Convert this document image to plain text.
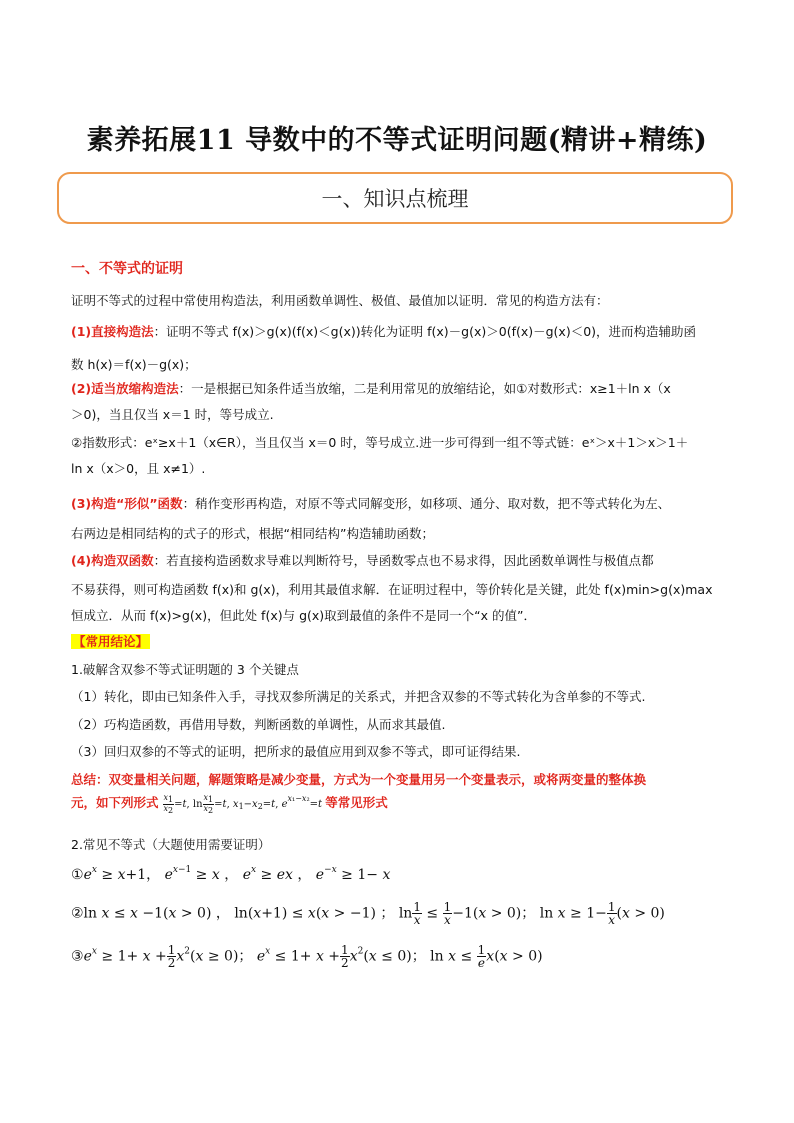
素养拓展11 导数中的不等式证明问题(精讲+精练)
一、知识点梳理
一、不等式的证明
证明不等式的过程中常使用构造法，利用函数单调性、极值、最值加以证明．常见的构造方法有：
(1)直接构造法：证明不等式 f(x)＞g(x)(f(x)＜g(x))转化为证明 f(x)－g(x)＞0(f(x)－g(x)＜0)，进而构造辅助函
数 h(x)＝f(x)－g(x)；
(2)适当放缩构造法：一是根据已知条件适当放缩，二是利用常见的放缩结论，如①对数形式：x≥1＋ln x（x
＞0)，当且仅当 x＝1 时，等号成立.
②指数形式：eˣ≥x＋1（x∈R），当且仅当 x＝0 时，等号成立.进一步可得到一组不等式链：eˣ＞x＋1＞x＞1＋
ln x（x＞0，且 x≠1）.
(3)构造“形似”函数：稍作变形再构造，对原不等式同解变形，如移项、通分、取对数，把不等式转化为左、
右两边是相同结构的式子的形式，根据“相同结构”构造辅助函数；
(4)构造双函数：若直接构造函数求导难以判断符号，导函数零点也不易求得，因此函数单调性与极值点都
不易获得，则可构造函数 f(x)和 g(x)，利用其最值求解．在证明过程中，等价转化是关键，此处 f(x)min>g(x)max
恒成立．从而 f(x)>g(x)，但此处 f(x)与 g(x)取到最值的条件不是同一个“x 的值”．
【常用结论】
1.破解含双参不等式证明题的 3 个关键点
（1）转化，即由已知条件入手，寻找双参所满足的关系式，并把含双参的不等式转化为含单参的不等式.
（2）巧构造函数，再借用导数，判断函数的单调性，从而求其最值.
（3）回归双参的不等式的证明，把所求的最值应用到双参不等式，即可证得结果.
总结：双变量相关问题，解题策略是减少变量，方式为一个变量用另一个变量表示，或将两变量的整体换
元，如下列形式 $\frac{x1}{x2} =t$, $\ln \frac{x1}{x2} =t$, $x_1-x_2=t$, $e^{x_1-x_2}=t$ 等常见形式
2.常见不等式（大题使用需要证明）
$①e^x \ge x+1$， $e^{x-1} \ge x$ ， $e^x$ ≥ ex ， $e^{-x} \ge 1- x$
②ln x ≤ x −1(x > 0) ， ln(x+1) ≤ x(x > −1) ； $\ln \frac{1}{x} \le \frac{1}{x} -1(x > 0)$； $\ln x \ge 1- \frac{1}{x} (x > 0)$
$③e^x \ge 1+ x + \frac{1}{2} x^2(x \ge 0)$； $e^x \le 1+ x + \frac{1}{2} x^2(x \le 0)$； $\ln x \le \frac{1}{e} x(x > 0)$
